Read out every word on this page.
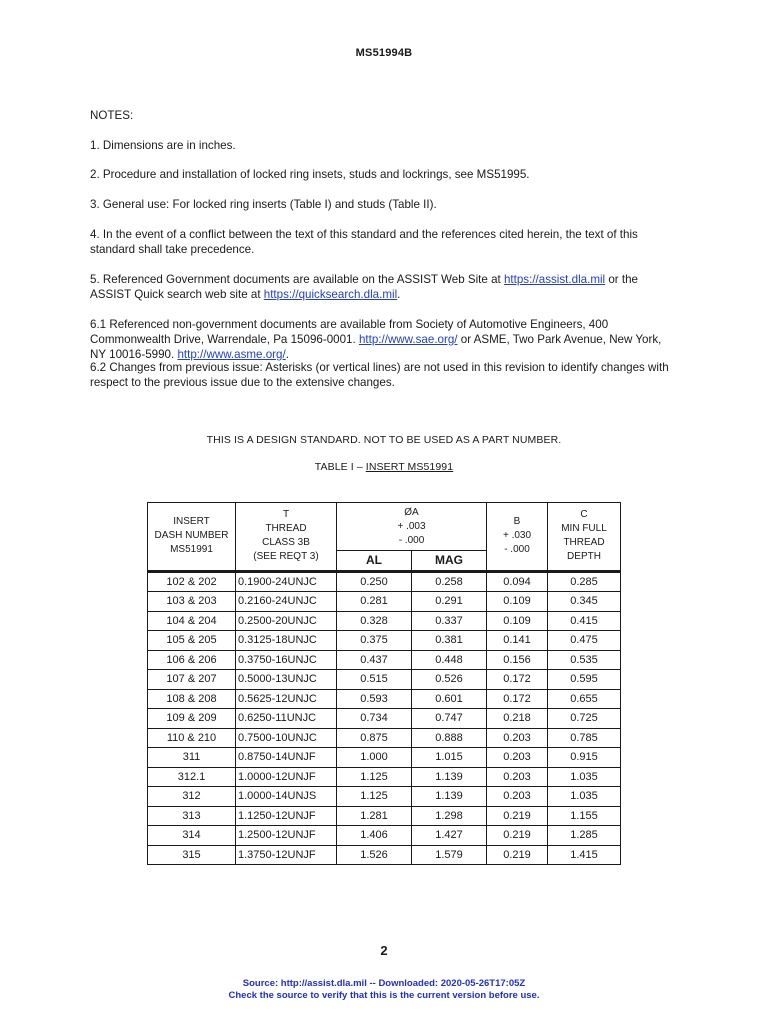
MS51994B

NOTES:

1. Dimensions are in inches.

2. Procedure and installation of locked ring insets, studs and lockrings, see MS51995.

3. General use: For locked ring inserts (Table I) and studs (Table II).

4. In the event of a conflict between the text of this standard and the references cited herein, the text of this standard shall take precedence.

5. Referenced Government documents are available on the ASSIST Web Site at https://assist.dla.mil or the ASSIST Quick search web site at https://quicksearch.dla.mil.

6.1 Referenced non-government documents are available from Society of Automotive Engineers, 400 Commonwealth Drive, Warrendale, Pa 15096-0001. http://www.sae.org/ or ASME, Two Park Avenue, New York, NY 10016-5990. http://www.asme.org/.

6.2 Changes from previous issue: Asterisks (or vertical lines) are not used in this revision to identify changes with respect to the previous issue due to the extensive changes.

THIS IS A DESIGN STANDARD. NOT TO BE USED AS A PART NUMBER.
TABLE I – INSERT MS51991
INSERT
DASH NUMBER
MS51991	T
THREAD
CLASS 3B
(SEE REQT 3)	ØA
+ .003
- .000		B
+ .030
- .000	C
MIN FULL
THREAD
DEPTH

		AL	MAG		
102 & 202	0.1900-24UNJC	0.250	0.258	0.094	0.285
103 & 203	0.2160-24UNJC	0.281	0.291	0.109	0.345
104 & 204	0.2500-20UNJC	0.328	0.337	0.109	0.415
105 & 205	0.3125-18UNJC	0.375	0.381	0.141	0.475
106 & 206	0.3750-16UNJC	0.437	0.448	0.156	0.535
107 & 207	0.5000-13UNJC	0.515	0.526	0.172	0.595
108 & 208	0.5625-12UNJC	0.593	0.601	0.172	0.655
109 & 209	0.6250-11UNJC	0.734	0.747	0.218	0.725
110 & 210	0.7500-10UNJC	0.875	0.888	0.203	0.785
311	0.8750-14UNJF	1.000	1.015	0.203	0.915
312.1	1.0000-12UNJF	1.125	1.139	0.203	1.035
312	1.0000-14UNJS	1.125	1.139	0.203	1.035
313	1.1250-12UNJF	1.281	1.298	0.219	1.155
314	1.2500-12UNJF	1.406	1.427	0.219	1.285
315	1.3750-12UNJF	1.526	1.579	0.219	1.415
2
Source: http://assist.dla.mil -- Downloaded: 2020-05-26T17:05Z
Check the source to verify that this is the current version before use.
